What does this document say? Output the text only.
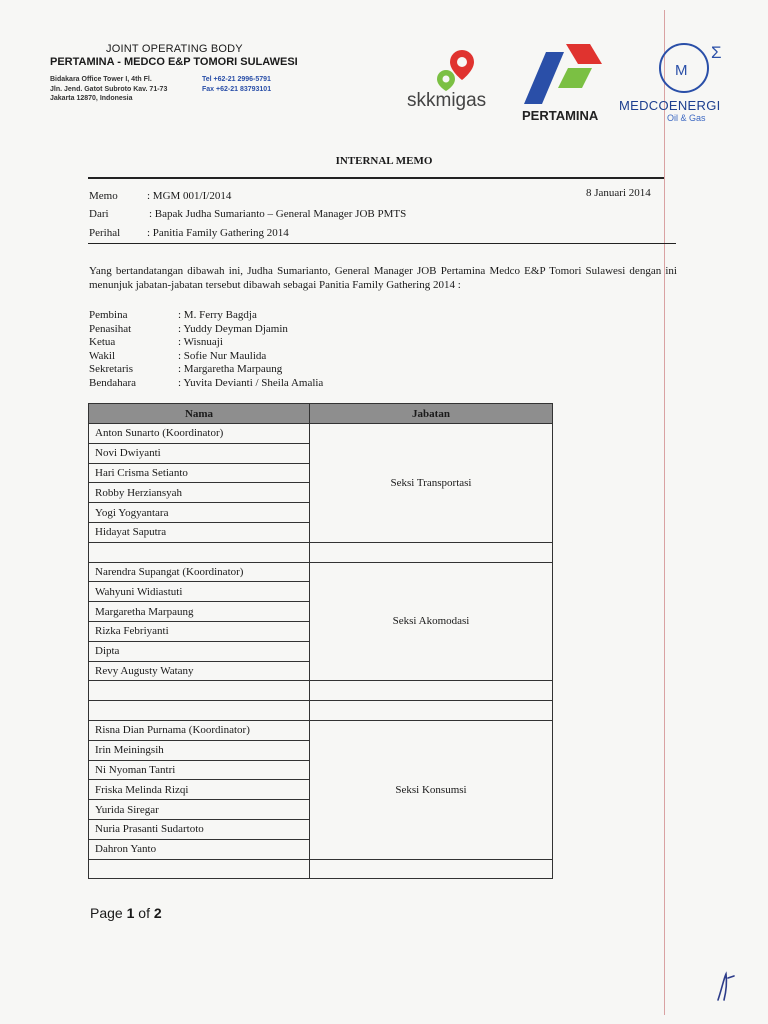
JOINT OPERATING BODY
PERTAMINA - MEDCO E&P TOMORI SULAWESI
Bidakara Office Tower I, 4th Fl.
Jln. Jend. Gatot Subroto Kav. 71-73
Jakarta 12870, Indonesia
Tel +62-21 2996-5791
Fax +62-21 83793101
skkmigas
PERTAMINA
M
Σ
MEDCOENERGI
Oil & Gas
INTERNAL MEMO
Memo	: MGM 001/I/2014	8 Januari 2014
Dari	: Bapak Judha Sumarianto – General Manager JOB PMTS
Perihal : Panitia Family Gathering 2014
Yang bertandatangan dibawah ini, Judha Sumarianto, General Manager JOB Pertamina Medco E&P Tomori Sulawesi dengan ini menunjuk jabatan-jabatan tersebut dibawah sebagai Panitia Family Gathering 2014 :
Pembina	: M. Ferry Bagdja
Penasihat	: Yuddy Deyman Djamin
Ketua	: Wisnuaji
Wakil	: Sofie Nur Maulida
Sekretaris	: Margaretha Marpaung
Bendahara	: Yuvita Devianti / Sheila Amalia
Nama	Jabatan
Anton Sunarto (Koordinator)	Seksi Transportasi
Novi Dwiyanti	
Hari Crisma Setianto	
Robby Herziansyah	
Yogi Yogyantara	
Hidayat Saputra	

Narendra Supangat (Koordinator)	Seksi Akomodasi
Wahyuni Widiastuti	
Margaretha Marpaung	
Rizka Febriyanti	
Dipta	
Revy Augusty Watany	

Risna Dian Purnama (Koordinator)	Seksi Konsumsi
Irin Meiningsih	
Ni Nyoman Tantri	
Friska Melinda Rizqi	
Yurida Siregar	
Nuria Prasanti Sudartoto	
Dahron Yanto	

Page 1 of 2
